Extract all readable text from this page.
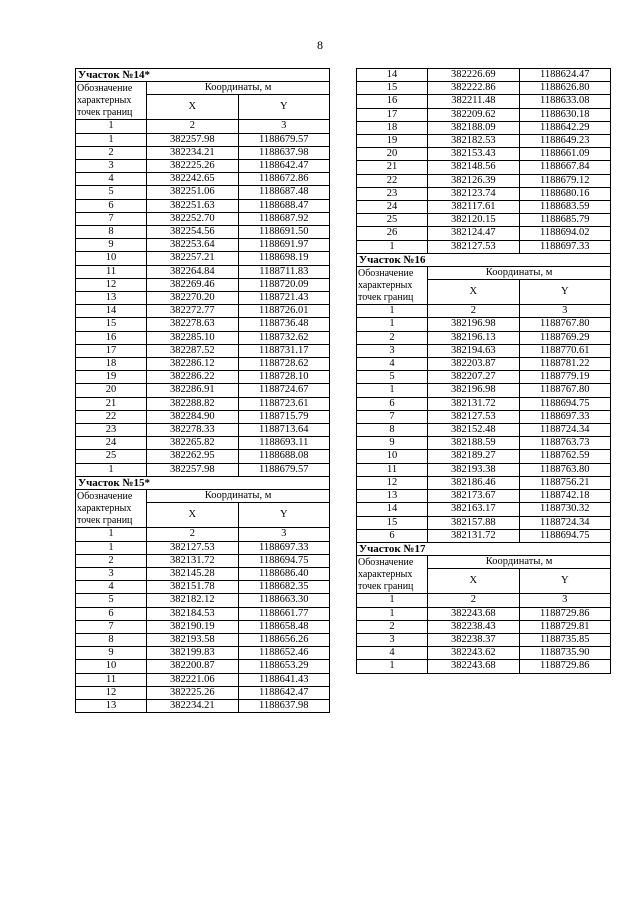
8
Участок №14*		
Обозначение характерных точек границ	Координаты, м	
	X	Y
1	2	3
1	382257.98	1188679.57
2	382234.21	1188637.98
3	382225.26	1188642.47
4	382242.65	1188672.86
5	382251.06	1188687.48
6	382251.63	1188688.47
7	382252.70	1188687.92
8	382254.56	1188691.50
9	382253.64	1188691.97
10	382257.21	1188698.19
11	382264.84	1188711.83
12	382269.46	1188720.09
13	382270.20	1188721.43
14	382272.77	1188726.01
15	382278.63	1188736.48
16	382285.10	1188732.62
17	382287.52	1188731.17
18	382286.12	1188728.62
19	382286.22	1188728.10
20	382286.91	1188724.67
21	382288.82	1188723.61
22	382284.90	1188715.79
23	382278.33	1188713.64
24	382265.82	1188693.11
25	382262.95	1188688.08
1	382257.98	1188679.57
Участок №15*		
Обозначение характерных точек границ	Координаты, м	
	X	Y
1	2	3
1	382127.53	1188697.33
2	382131.72	1188694.75
3	382145.28	1188686.40
4	382151.78	1188682.35
5	382182.12	1188663.30
6	382184.53	1188661.77
7	382190.19	1188658.48
8	382193.58	1188656.26
9	382199.83	1188652.46
10	382200.87	1188653.29
11	382221.06	1188641.43
12	382225.26	1188642.47
13	382234.21	1188637.98
14	382226.69	1188624.47
15	382222.86	1188626.80
16	382211.48	1188633.08
17	382209.62	1188630.18
18	382188.09	1188642.29
19	382182.53	1188649.23
20	382153.43	1188661.09
21	382148.56	1188667.84
22	382126.39	1188679.12
23	382123.74	1188680.16
24	382117.61	1188683.59
25	382120.15	1188685.79
26	382124.47	1188694.02
1	382127.53	1188697.33
Участок №16		
Обозначение характерных точек границ	Координаты, м	
	X	Y
1	2	3
1	382196.98	1188767.80
2	382196.13	1188769.29
3	382194.63	1188770.61
4	382203.87	1188781.22
5	382207.27	1188779.19
1	382196.98	1188767.80
6	382131.72	1188694.75
7	382127.53	1188697.33
8	382152.48	1188724.34
9	382188.59	1188763.73
10	382189.27	1188762.59
11	382193.38	1188763.80
12	382186.46	1188756.21
13	382173.67	1188742.18
14	382163.17	1188730.32
15	382157.88	1188724.34
6	382131.72	1188694.75
Участок №17		
Обозначение характерных точек границ	Координаты, м	
	X	Y
1	2	3
1	382243.68	1188729.86
2	382238.43	1188729.81
3	382238.37	1188735.85
4	382243.62	1188735.90
1	382243.68	1188729.86
